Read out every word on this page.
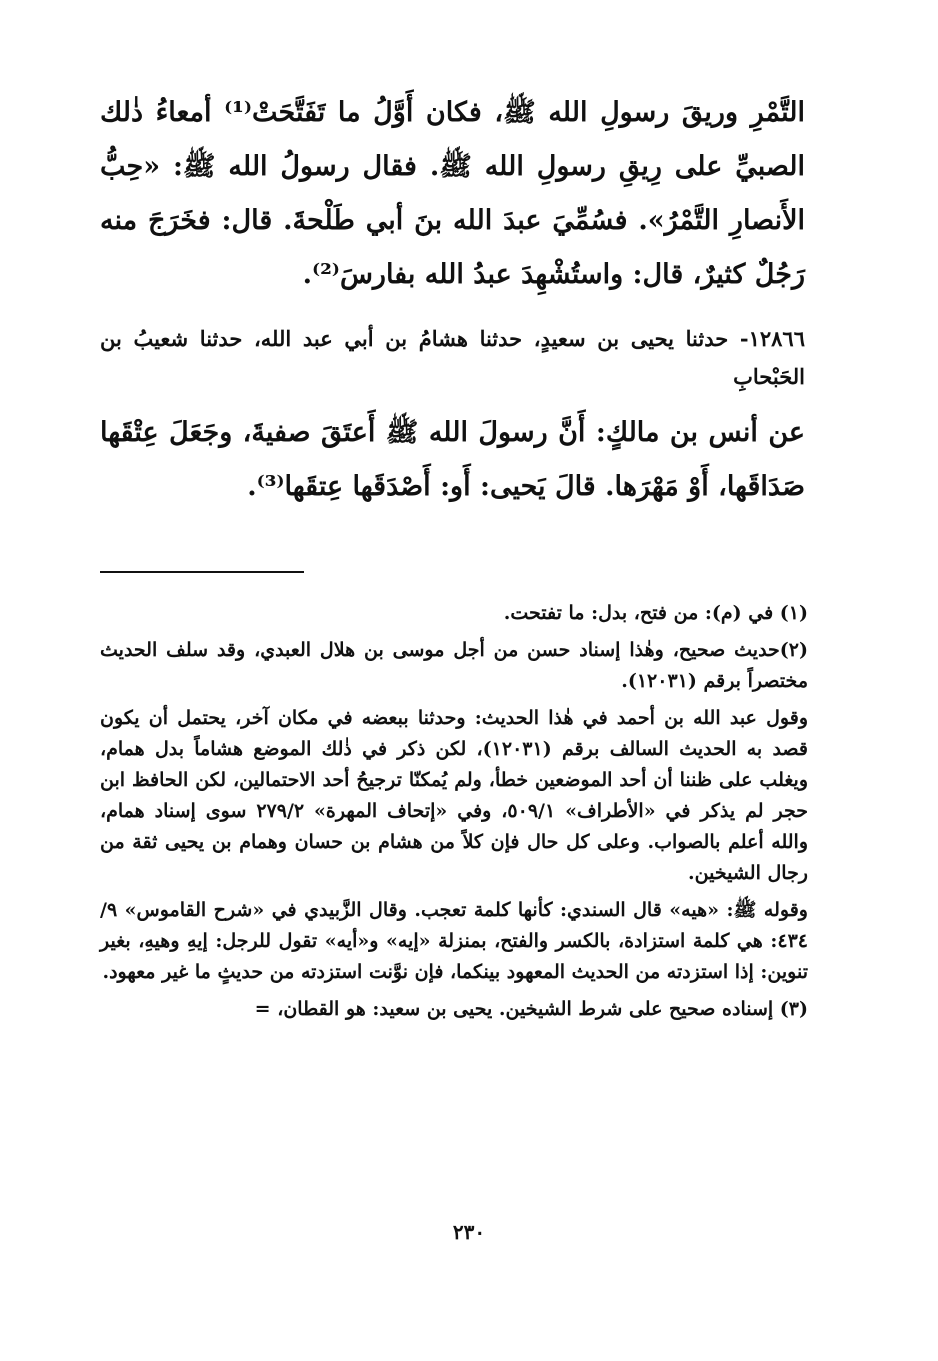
التَّمْرِ وريقَ رسولِ الله ﷺ، فكان أَوَّلُ ما تَفَتَّحَتْ⁽¹⁾ أمعاءُ ذٰلك الصبيِّ على رِيقِ رسولِ الله ﷺ. فقال رسولُ الله ﷺ: «حِبُّ الأَنصارِ التَّمْرُ». فسُمِّيَ عبدَ الله بنَ أبي طَلْحةَ. قال: فخَرَجَ منه رَجُلٌ كثيرٌ، قال: واستُشْهِدَ عبدُ الله بفارسَ⁽²⁾.

١٢٨٦٦- حدثنا يحيى بن سعيدٍ، حدثنا هشامُ بن أبي عبد الله، حدثنا شعيبُ بن الحَبْحابِ
عن أنس بن مالكٍ: أَنَّ رسولَ الله ﷺ أَعتَقَ صفيةَ، وجَعَلَ عِتْقَها صَدَاقَها، أَوْ مَهْرَها. قالَ يَحيى: أَو: أَصْدَقَها عِتقَها⁽³⁾.

(١) في (م): من فتح، بدل: ما تفتحت.

(٢)حديث صحيح، وهٰذا إسناد حسن من أجل موسى بن هلال العبدي، وقد سلف الحديث مختصراً برقم (١٢٠٣١).

وقول عبد الله بن أحمد في هٰذا الحديث: وحدثنا ببعضه في مكان آخر، يحتمل أن يكون قصد به الحديث السالف برقم (١٢٠٣١)، لكن ذكر في ذٰلك الموضع هشاماً بدل همام، ويغلب على ظننا أن أحد الموضعين خطأ، ولم يُمكنّا ترجيحُ أحد الاحتمالين، لكن الحافظ ابن حجر لم يذكر في «الأطراف» ٥٠٩/١، وفي «إتحاف المهرة» ٢٧٩/٢ سوى إسناد همام، والله أعلم بالصواب. وعلى كل حال فإن كلاً من هشام بن حسان وهمام بن يحيى ثقة من رجال الشيخين.

وقوله ﷺ: «هيه» قال السندي: كأنها كلمة تعجب. وقال الزَّبيدي في «شرح القاموس» ٩/ ٤٣٤: هي كلمة استزادة، بالكسر والفتح، بمنزلة «إيه» و«أيه» تقول للرجل: إيهِ وهيهِ، بغير تنوين: إذا استزدته من الحديث المعهود بينكما، فإن نوَّنت استزدته من حديثٍ ما غير معهود.

(٣) إسناده صحيح على شرط الشيخين. يحيى بن سعيد: هو القطان، =

٢٣٠
